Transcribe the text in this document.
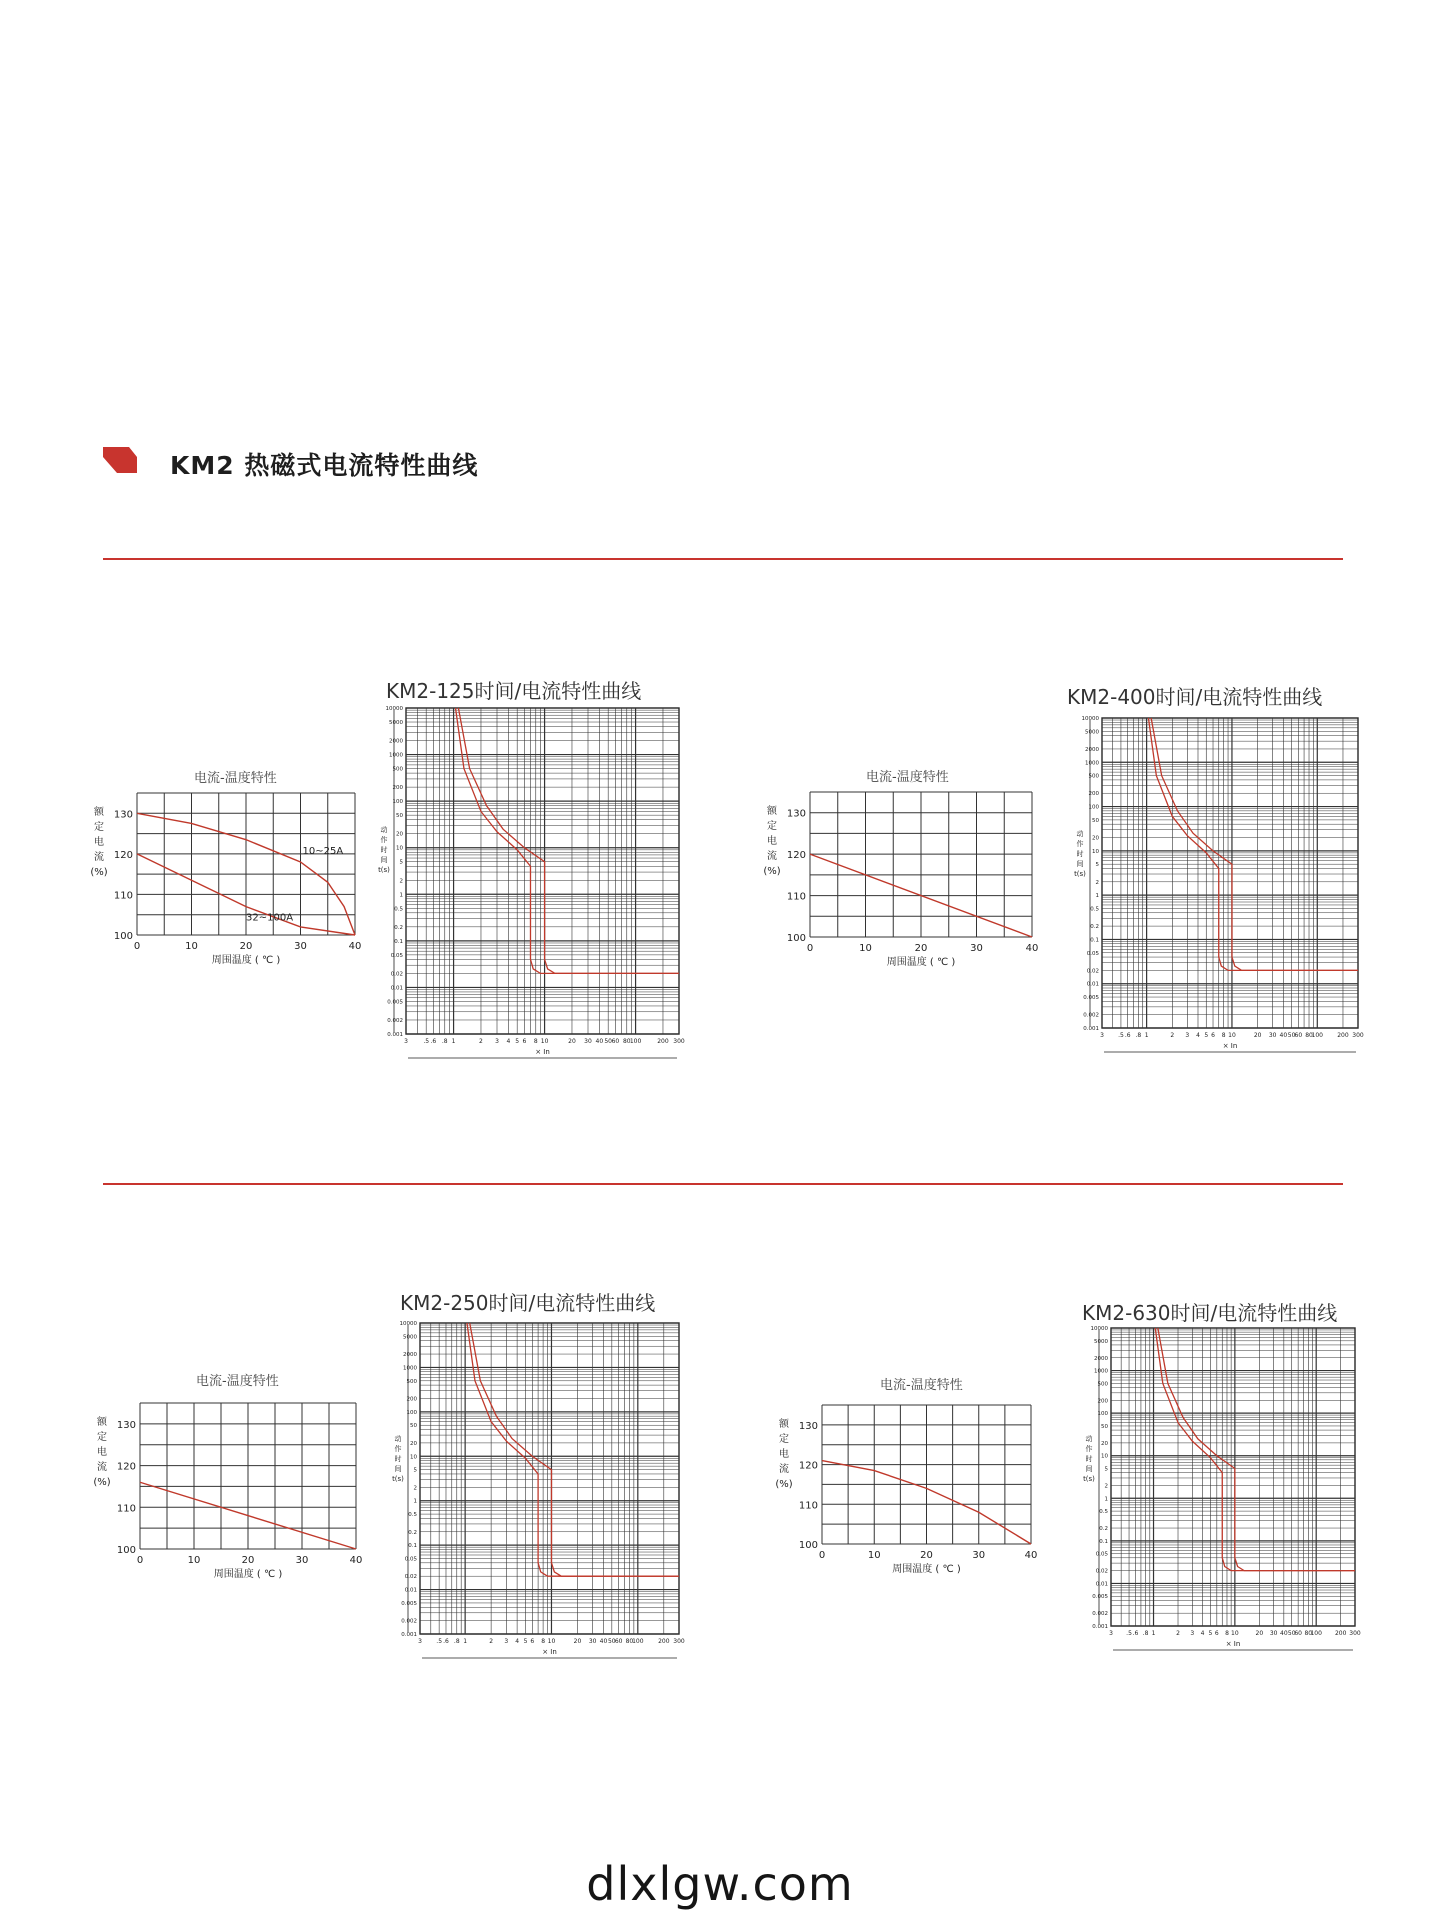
KM2 热磁式电流特性曲线
KM2-125时间/电流特性曲线	KM2-400时间/电流特性曲线
KM2-250时间/电流特性曲线	KM2-630时间/电流特性曲线
电流-温度特性	电流-温度特性
电流-温度特性	电流-温度特性
0	10	20	30	40
100
110
120
130
周围温度 ( ℃ )
额
定
电
流
(%)
10~25A
32~100A
3	.5 .6 .8 1	2 3 4 5 6 8 10	20 30 40 50 60 80 100	200 300
10000
5000
2000
1000
500
200
100
50
20
10
5
2
1
0.5
0.2
0.1
0.05
0.02
0.01
0.005
0.002
0.001
× In
动
作
时
间
t(s)
0	10	20	30	40
100
110
120
130
周围温度 ( ℃ )
额
定
电
流
(%)
3 .5 .6 .8 1	2 3 4 5 6 8 10	20 30 40 50 60 80
100 200 300
10000
5000
2000
1000
500
200
100
50
20
10
5
2
1
0.5
0.2
0.1
0.05
0.02
0.01
0.005
0.002
0.001
× In
动
作
时
间
t(s)
0	10	20	30	40
100
110
120
130
周围温度 ( ℃ )
额
定
电
流
(%)
3 .5 .6 .8 1	2 3 4 5 6 8 10	20 30 40 50 60 80
100 200 300
10000
5000
2000
1000
500
200
100
50
20
10
5
2
1
0.5
0.2
0.1
0.05
0.02
0.01
0.005
0.002
0.001
× In
动
作
时
间
t(s)
0	10	20	30	40
100
110
120
130
周围温度 ( ℃ )
额
定
电
流
(%)
3 .5 .6 .8 1	2 3 4 5 6 8 10	20 30 40 50
60 80
100 200 300
10000
5000
2000
1000
500
200
100
50
20
10
5
2
1
0.5
0.2
0.1
0.05
0.02
0.01
0.005
0.002
0.001
× In
动
作
时
间
t(s)
dlxlgw.com
